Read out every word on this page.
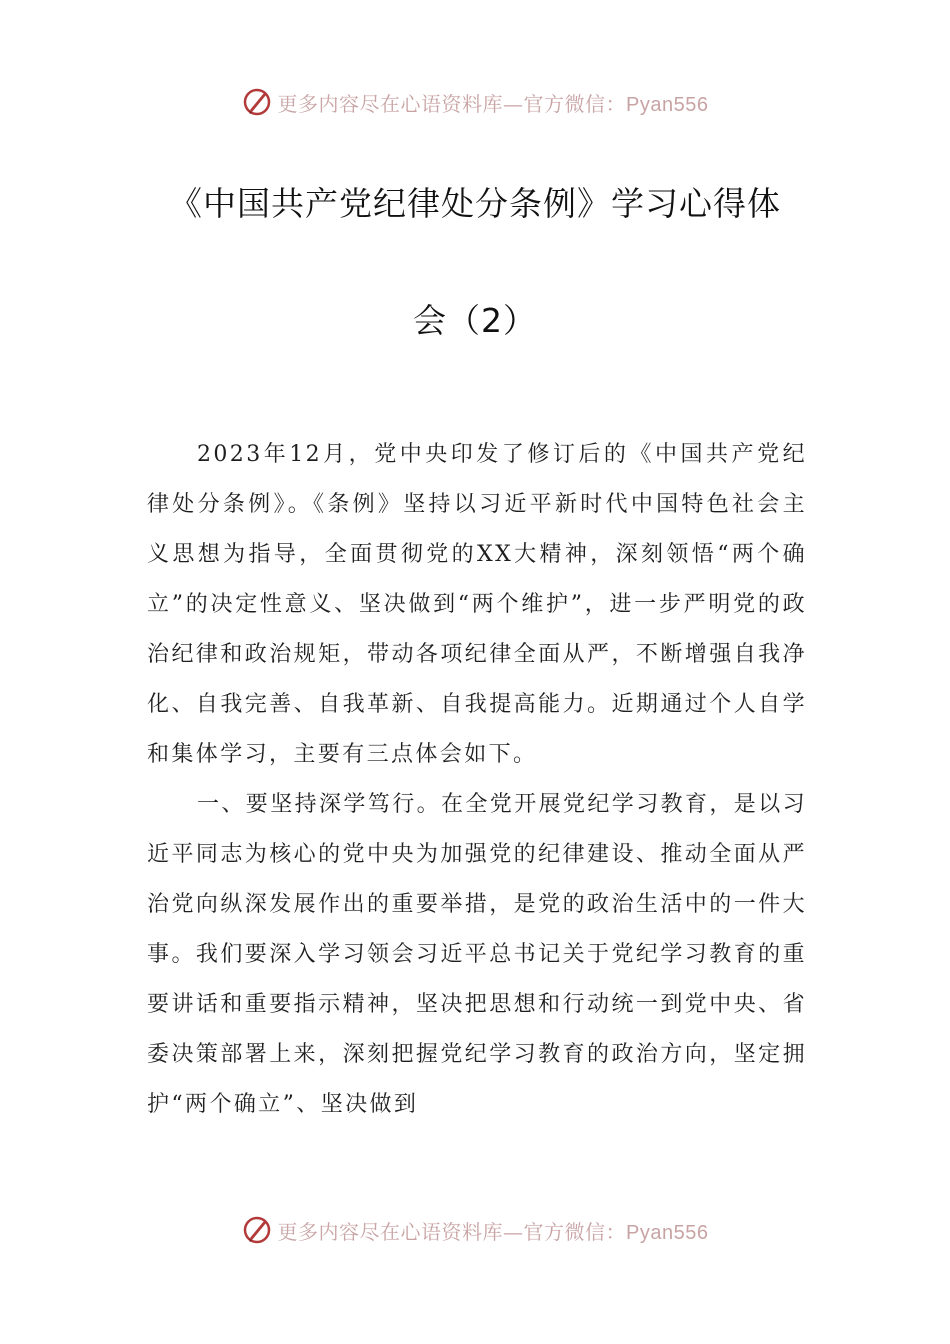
更多内容尽在心语资料库—官方微信：Pyan556
《中国共产党纪律处分条例》学习心得体
会（2）

2023年12月，党中央印发了修订后的《中国共产党纪律处分条例》。《条例》坚持以习近平新时代中国特色社会主义思想为指导，全面贯彻党的XX大精神，深刻领悟“两个确立”的决定性意义、坚决做到“两个维护”，进一步严明党的政治纪律和政治规矩，带动各项纪律全面从严，不断增强自我净化、自我完善、自我革新、自我提高能力。近期通过个人自学和集体学习，主要有三点体会如下。

一、要坚持深学笃行。在全党开展党纪学习教育，是以习近平同志为核心的党中央为加强党的纪律建设、推动全面从严治党向纵深发展作出的重要举措，是党的政治生活中的一件大事。我们要深入学习领会习近平总书记关于党纪学习教育的重要讲话和重要指示精神，坚决把思想和行动统一到党中央、省委决策部署上来，深刻把握党纪学习教育的政治方向，坚定拥护“两个确立”、坚决做到

更多内容尽在心语资料库—官方微信：Pyan556
